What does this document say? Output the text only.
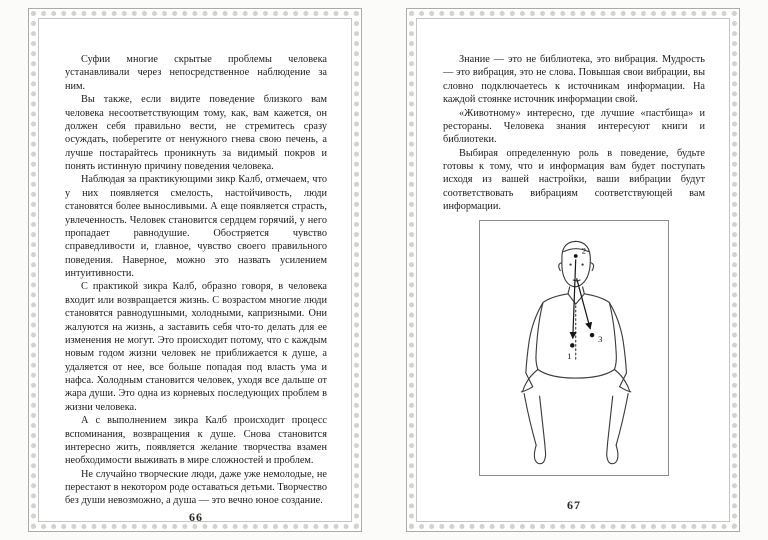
Суфии многие скрытые проблемы человека устанавливали через непосредственное наблюдение за ним.

Вы также, если видите поведение близкого вам человека несоответствующим тому, как, вам кажется, он должен себя правильно вести, не стремитесь сразу осуждать, поберегите от ненужного гнева свою печень, а лучше постарайтесь проникнуть за видимый покров и понять истинную причину поведения человека.

Наблюдая за практикующими зикр Калб, отмечаем, что у них появляется смелость, настойчивость, люди становятся более выносливыми. А еще появляется страсть, увлеченность. Человек становится сердцем горячий, у него пропадает равнодушие. Обостряется чувство справедливости и, главное, чувство своего правильного поведения. Наверное, можно это назвать усилением интуитивности.

С практикой зикра Калб, образно говоря, в человека входит или возвращается жизнь. С возрастом многие люди становятся равнодушными, холодными, капризными. Они жалуются на жизнь, а заставить себя что-то делать для ее изменения не могут. Это происходит потому, что с каждым новым годом жизни человек не приближается к душе, а удаляется от нее, все больше попадая под власть ума и нафса. Холодным становится человек, уходя все дальше от жара души. Это одна из корневых последующих проблем в жизни человека.

А с выполнением зикра Калб происходит процесс вспоминания, возвращения к душе. Снова становится интересно жить, появляется желание творчества взамен необходимости выживать в мире сложностей и проблем.

Не случайно творческие люди, даже уже немолодые, не перестают в некотором роде оставаться детьми. Творчество без души невозможно, а душа — это вечно юное создание.

66

Знание — это не библиотека, это вибрация. Мудрость — это вибрация, это не слова. Повышая свои вибрации, вы словно подключаетесь к источникам информации. На каждой стоянке источник информации свой.

«Животному» интересно, где лучшие «пастбища» и рестораны. Человека знания интересуют книги и библиотеки.

Выбирая определенную роль в поведение, будьте готовы к тому, что и информация вам будет поступать исходя из вашей настройки, ваши вибрации будут соответствовать вибрациям соответствующей вам информации.

2
1
3
67
